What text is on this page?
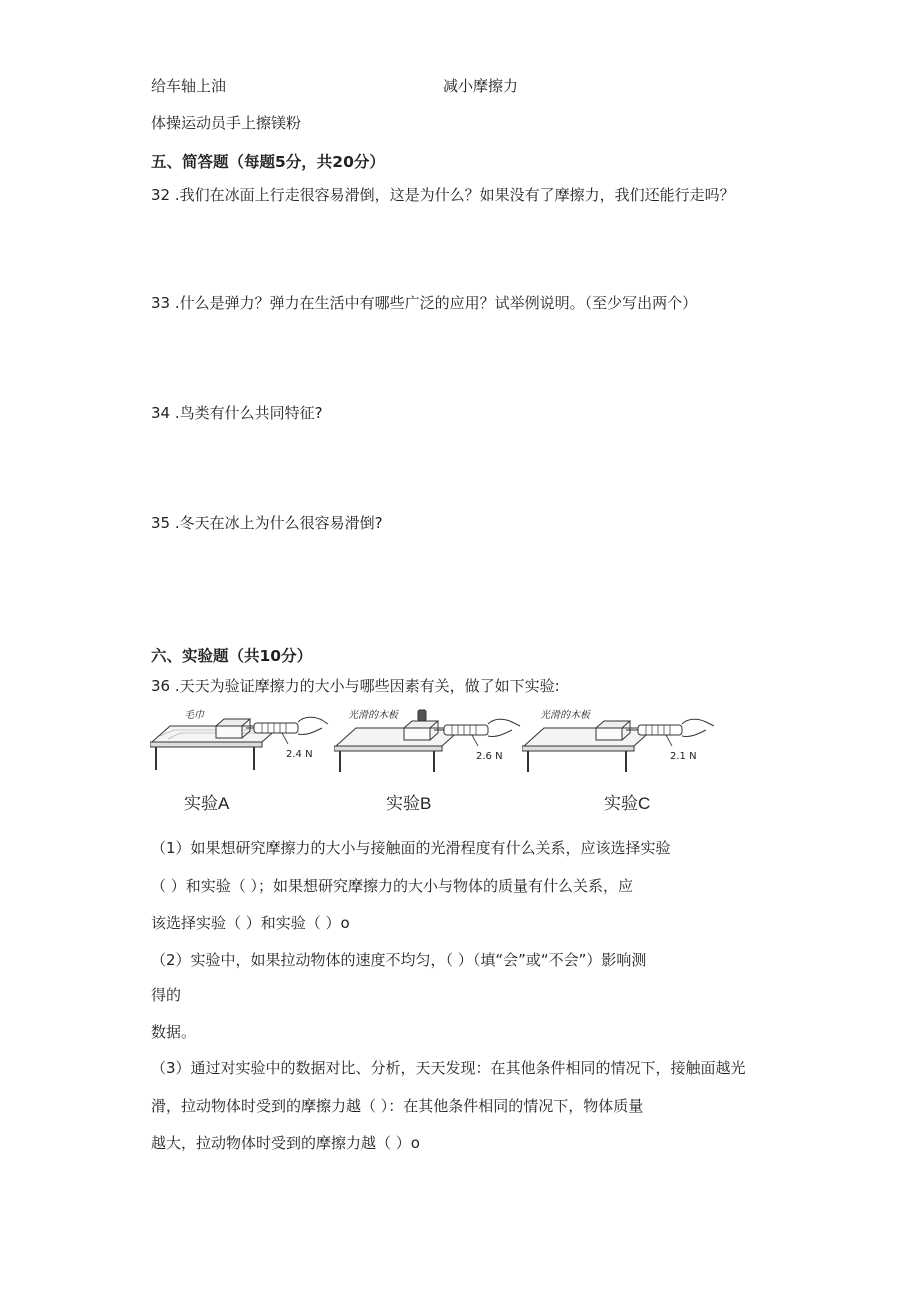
给车轴上油	减小摩擦力
体操运动员手上擦镁粉
五、简答题（每题5分，共20分）
32 .我们在冰面上行走很容易滑倒，这是为什么？如果没有了摩擦力，我们还能行走吗？
33 .什么是弹力？弹力在生活中有哪些广泛的应用？试举例说明。（至少写出两个）
34 .鸟类有什么共同特征?
35 .冬天在冰上为什么很容易滑倒?
六、实验题（共10分）
36 .天天为验证摩擦力的大小与哪些因素有关，做了如下实验:
毛巾
2.4 N
光滑的木板
2.6 N
光滑的木板
2.1 N
实验A	实验B	实验C
（1）如果想研究摩擦力的大小与接触面的光滑程度有什么关系，应该选择实验
（ ）和实验（ ）；如果想研究摩擦力的大小与物体的质量有什么关系，应
该选择实验（ ）和实验（ ）o
（2）实验中，如果拉动物体的速度不均匀，（ ）（填“会”或“不会”）影响测
得的
数据。
（3）通过对实验中的数据对比、分析，天天发现：在其他条件相同的情况下，接触面越光
滑，拉动物体时受到的摩擦力越（ ）：在其他条件相同的情况下，物体质量
越大，拉动物体时受到的摩擦力越（ ）o
